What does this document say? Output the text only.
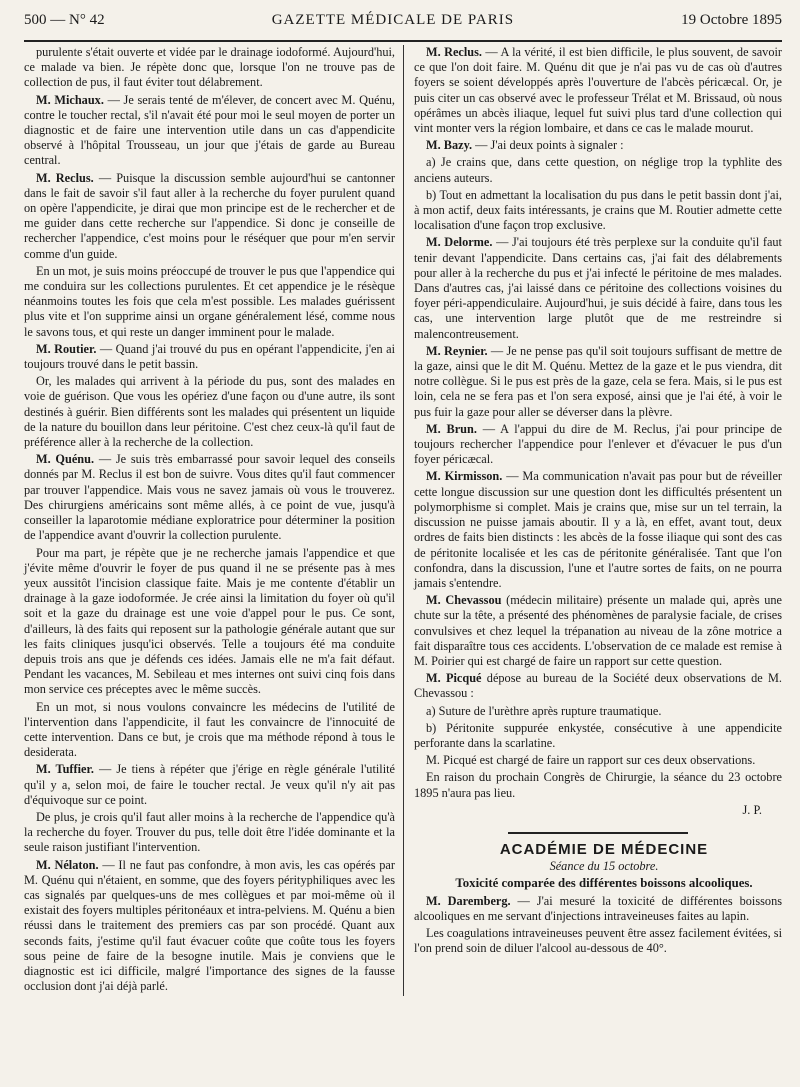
500 — N° 42	GAZETTE MÉDICALE DE PARIS	19 Octobre 1895

purulente s'était ouverte et vidée par le drainage iodoformé. Aujourd'hui, ce malade va bien. Je répète donc que, lorsque l'on ne trouve pas de collection de pus, il faut éviter tout délabrement.

M. Michaux. — Je serais tenté de m'élever, de concert avec M. Quénu, contre le toucher rectal, s'il n'avait été pour moi le seul moyen de porter un diagnostic et de faire une intervention utile dans un cas d'appendicite observé à l'hôpital Trousseau, un jour que j'étais de garde au Bureau central.

M. Reclus. — Puisque la discussion semble aujourd'hui se cantonner dans le fait de savoir s'il faut aller à la recherche du foyer purulent quand on opère l'appendicite, je dirai que mon principe est de le rechercher et de me guider dans cette recherche sur l'appendice. Si donc je conseille de rechercher l'appendice, c'est moins pour le réséquer que pour m'en servir comme d'un guide.

En un mot, je suis moins préoccupé de trouver le pus que l'appendice qui me conduira sur les collections purulentes. Et cet appendice je le résèque néanmoins toutes les fois que cela m'est possible. Les malades guérissent plus vite et l'on supprime ainsi un organe généralement lésé, comme nous le savons tous, et qui reste un danger imminent pour le malade.

M. Routier. — Quand j'ai trouvé du pus en opérant l'appendicite, j'en ai toujours trouvé dans le petit bassin.

Or, les malades qui arrivent à la période du pus, sont des malades en voie de guérison. Que vous les opériez d'une façon ou d'une autre, ils sont destinés à guérir. Bien différents sont les malades qui présentent un liquide de la nature du bouillon dans leur péritoine. C'est chez ceux-là qu'il faut de préférence aller à la recherche de la collection.

M. Quénu. — Je suis très embarrassé pour savoir lequel des conseils donnés par M. Reclus il est bon de suivre. Vous dites qu'il faut commencer par trouver l'appendice. Mais vous ne savez jamais où vous le trouverez. Des chirurgiens américains sont même allés, à ce point de vue, jusqu'à conseiller la laparotomie médiane exploratrice pour déterminer la position de l'appendice avant d'ouvrir la collection purulente.

Pour ma part, je répète que je ne recherche jamais l'appendice et que j'évite même d'ouvrir le foyer de pus quand il ne se présente pas à mes yeux aussitôt l'incision classique faite. Mais je me contente d'établir un drainage à la gaze iodoformée. Je crée ainsi la limitation du foyer où qu'il soit et la gaze du drainage est une voie d'appel pour le pus. Ce sont, d'ailleurs, là des faits qui reposent sur la pathologie générale autant que sur les faits cliniques jusqu'ici observés. Telle a toujours été ma conduite depuis trois ans que je défends ces idées. Jamais elle ne m'a fait défaut. Pendant les vacances, M. Sebileau et mes internes ont suivi cinq fois dans mon service ces préceptes avec le même succès.

En un mot, si nous voulons convaincre les médecins de l'utilité de l'intervention dans l'appendicite, il faut les convaincre de l'innocuité de cette intervention. Dans ce but, je crois que ma méthode répond à tous le desiderata.

M. Tuffier. — Je tiens à répéter que j'érige en règle générale l'utilité qu'il y a, selon moi, de faire le toucher rectal. Je veux qu'il n'y ait pas d'équivoque sur ce point.

De plus, je crois qu'il faut aller moins à la recherche de l'appendice qu'à la recherche du foyer. Trouver du pus, telle doit être l'idée dominante et la seule raison justifiant l'intervention.

M. Nélaton. — Il ne faut pas confondre, à mon avis, les cas opérés par M. Quénu qui n'étaient, en somme, que des foyers pérityphiliques avec les cas signalés par quelques-uns de mes collègues et par moi-même où il existait des foyers multiples péritonéaux et intra-pelviens. M. Quénu a bien réussi dans le traitement des premiers cas par son procédé. Quant aux seconds faits, j'estime qu'il faut évacuer coûte que coûte tous les foyers sous peine de faire de la besogne inutile. Mais je conviens que le diagnostic est ici difficile, malgré l'importance des signes de la fausse occlusion dont j'ai déjà parlé.

M. Reclus. — A la vérité, il est bien difficile, le plus souvent, de savoir ce que l'on doit faire. M. Quénu dit que je n'ai pas vu de cas où d'autres foyers se soient développés après l'ouverture de l'abcès péricæcal. Or, je puis citer un cas observé avec le professeur Trélat et M. Brissaud, où nous opérâmes un abcès iliaque, lequel fut suivi plus tard d'une collection qui vint monter vers la région lombaire, et dans ce cas le malade mourut.

M. Bazy. — J'ai deux points à signaler :

a) Je crains que, dans cette question, on néglige trop la typhlite des anciens auteurs.

b) Tout en admettant la localisation du pus dans le petit bassin dont j'ai, à mon actif, deux faits intéressants, je crains que M. Routier admette cette localisation d'une façon trop exclusive.

M. Delorme. — J'ai toujours été très perplexe sur la conduite qu'il faut tenir devant l'appendicite. Dans certains cas, j'ai fait des délabrements pour aller à la recherche du pus et j'ai infecté le péritoine de mes malades. Dans d'autres cas, j'ai laissé dans ce péritoine des collections voisines du foyer péri-appendiculaire. Aujourd'hui, je suis décidé à faire, dans tous les cas, une intervention large plutôt que de me restreindre si malencontreusement.

M. Reynier. — Je ne pense pas qu'il soit toujours suffisant de mettre de la gaze, ainsi que le dit M. Quénu. Mettez de la gaze et le pus viendra, dit notre collègue. Si le pus est près de la gaze, cela se fera. Mais, si le pus est loin, cela ne se fera pas et l'on sera exposé, ainsi que je l'ai été, à voir le pus fuir la gaze pour aller se déverser dans la plèvre.

M. Brun. — A l'appui du dire de M. Reclus, j'ai pour principe de toujours rechercher l'appendice pour l'enlever et d'évacuer le pus d'un foyer péricæcal.

M. Kirmisson. — Ma communication n'avait pas pour but de réveiller cette longue discussion sur une question dont les difficultés présentent un polymorphisme si complet. Mais je crains que, mise sur un tel terrain, la discussion ne puisse jamais aboutir. Il y a là, en effet, avant tout, deux ordres de faits bien distincts : les abcès de la fosse iliaque qui sont des cas de péritonite localisée et les cas de péritonite généralisée. Tant que l'on confondra, dans la discussion, l'une et l'autre sortes de faits, on ne pourra jamais s'entendre.

M. Chevassou (médecin militaire) présente un malade qui, après une chute sur la tête, a présenté des phénomènes de paralysie faciale, de crises convulsives et chez lequel la trépanation au niveau de la zône motrice a fait disparaître tous ces accidents. L'observation de ce malade est remise à M. Poirier qui est chargé de faire un rapport sur cette question.

M. Picqué dépose au bureau de la Société deux observations de M. Chevassou :

a) Suture de l'urèthre après rupture traumatique.

b) Péritonite suppurée enkystée, consécutive à une appendicite perforante dans la scarlatine.

M. Picqué est chargé de faire un rapport sur ces deux observations.

En raison du prochain Congrès de Chirurgie, la séance du 23 octobre 1895 n'aura pas lieu.

J. P.

ACADÉMIE DE MÉDECINE

Séance du 15 octobre.

Toxicité comparée des différentes boissons alcooliques.

M. Daremberg. — J'ai mesuré la toxicité de différentes boissons alcooliques en me servant d'injections intraveineuses faites au lapin.

Les coagulations intraveineuses peuvent être assez facilement évitées, si l'on prend soin de diluer l'alcool au-dessous de 40°.
